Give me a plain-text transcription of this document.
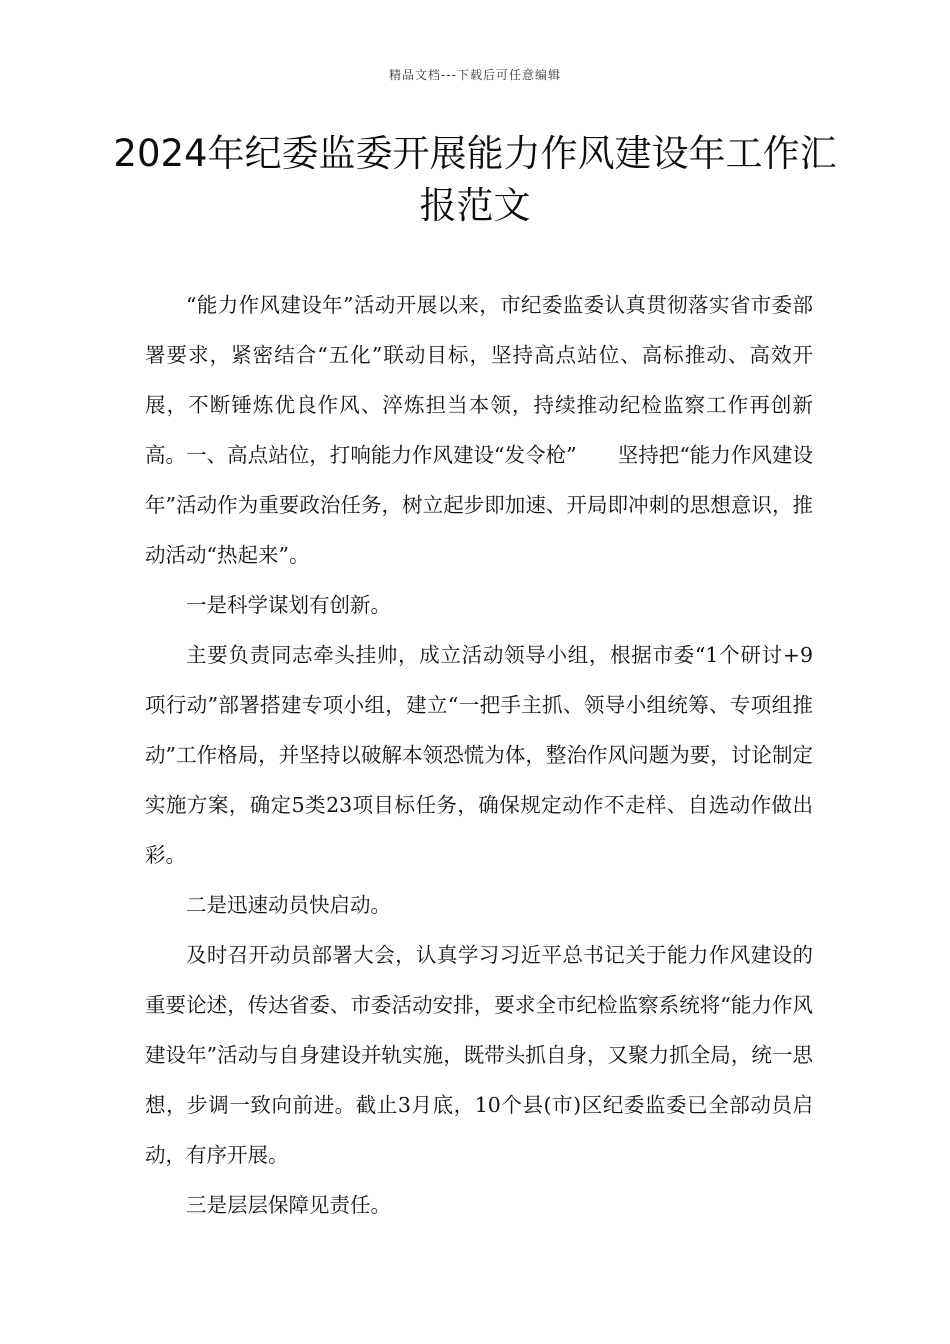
精品文档---下载后可任意编辑
2024年纪委监委开展能力作风建设年工作汇报范文

“能力作风建设年”活动开展以来，市纪委监委认真贯彻落实省市委部署要求，紧密结合“五化”联动目标，坚持高点站位、高标推动、高效开展，不断锤炼优良作风、淬炼担当本领，持续推动纪检监察工作再创新高。一、高点站位，打响能力作风建设“发令枪”　　坚持把“能力作风建设年”活动作为重要政治任务，树立起步即加速、开局即冲刺的思想意识，推动活动“热起来”。

一是科学谋划有创新。

主要负责同志牵头挂帅，成立活动领导小组，根据市委“1个研讨+9项行动”部署搭建专项小组，建立“一把手主抓、领导小组统筹、专项组推动”工作格局，并坚持以破解本领恐慌为体，整治作风问题为要，讨论制定实施方案，确定5类23项目标任务，确保规定动作不走样、自选动作做出彩。

二是迅速动员快启动。

及时召开动员部署大会，认真学习习近平总书记关于能力作风建设的重要论述，传达省委、市委活动安排，要求全市纪检监察系统将“能力作风建设年”活动与自身建设并轨实施，既带头抓自身，又聚力抓全局，统一思想，步调一致向前进。截止3月底，10个县(市)区纪委监委已全部动员启动，有序开展。

三是层层保障见责任。
